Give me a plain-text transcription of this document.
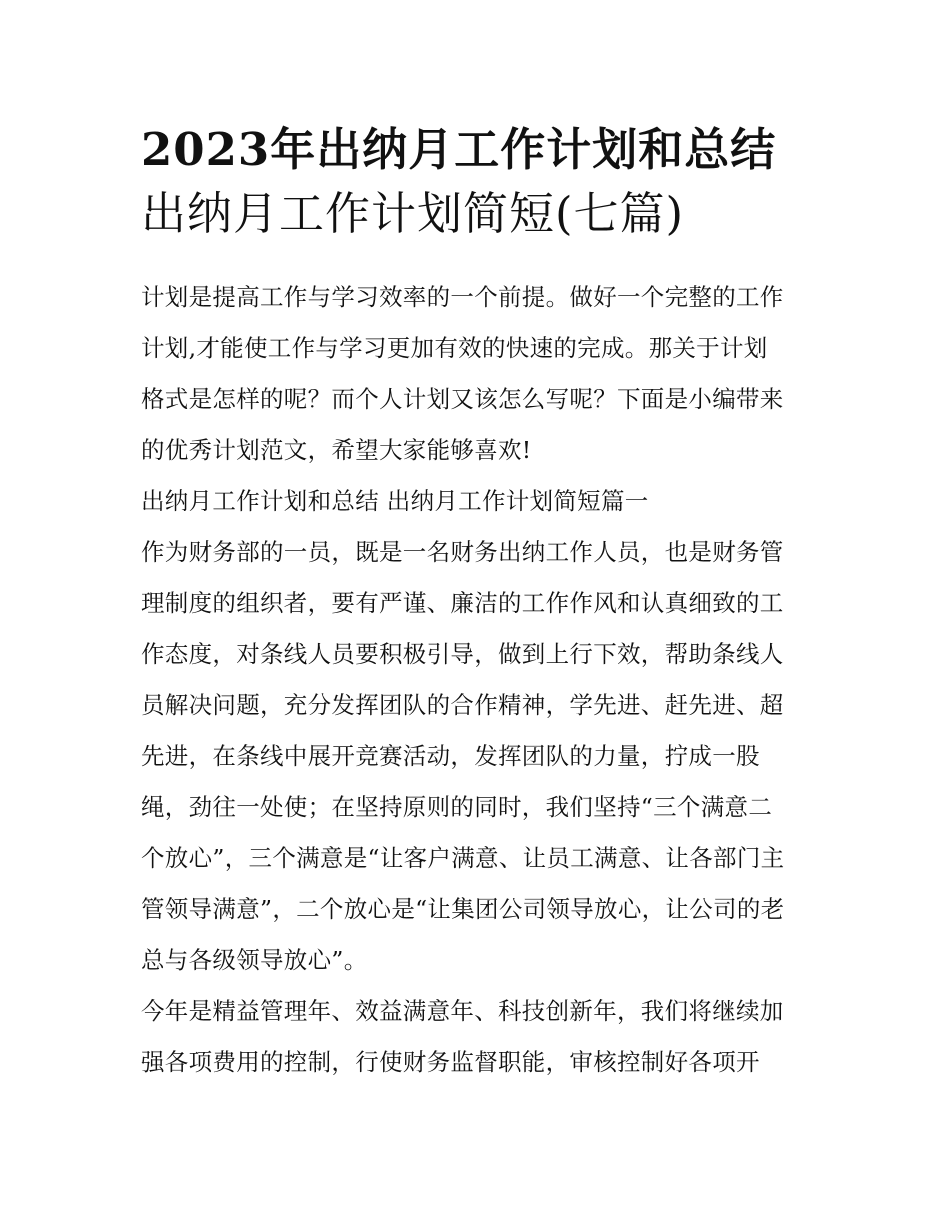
2023年出纳月工作计划和总结
出纳月工作计划简短(七篇)
计划是提高工作与学习效率的一个前提。做好一个完整的工作
计划,才能使工作与学习更加有效的快速的完成。那关于计划
格式是怎样的呢？而个人计划又该怎么写呢？下面是小编带来
的优秀计划范文，希望大家能够喜欢!
出纳月工作计划和总结 出纳月工作计划简短篇一
作为财务部的一员，既是一名财务出纳工作人员，也是财务管
理制度的组织者，要有严谨、廉洁的工作作风和认真细致的工
作态度，对条线人员要积极引导，做到上行下效，帮助条线人
员解决问题，充分发挥团队的合作精神，学先进、赶先进、超
先进，在条线中展开竞赛活动，发挥团队的力量，拧成一股
绳，劲往一处使；在坚持原则的同时，我们坚持“三个满意二
个放心”，三个满意是“让客户满意、让员工满意、让各部门主
管领导满意”，二个放心是“让集团公司领导放心，让公司的老
总与各级领导放心”。
今年是精益管理年、效益满意年、科技创新年，我们将继续加
强各项费用的控制，行使财务监督职能，审核控制好各项开
